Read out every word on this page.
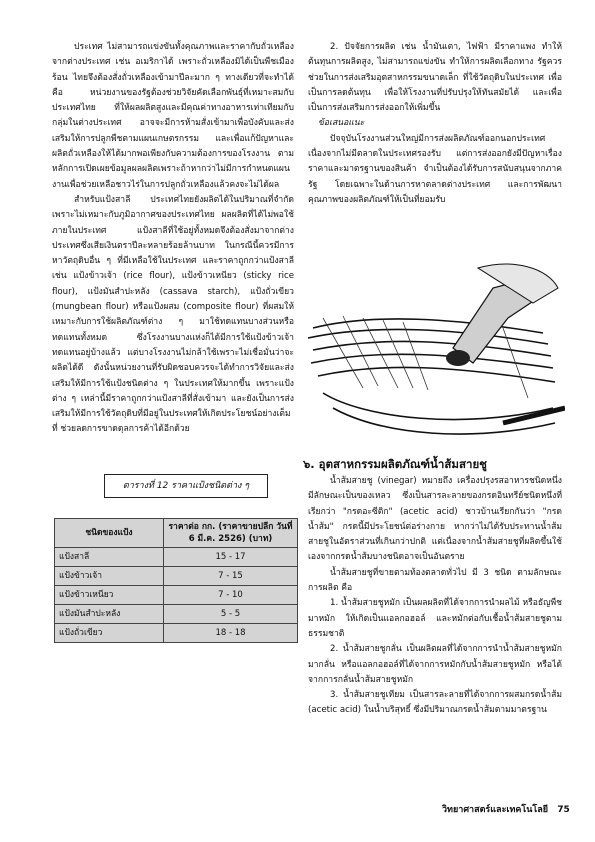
ประเทศ ไม่สามารถแข่งขันทั้งคุณภาพและราคากับถั่วเหลืองจากต่างประเทศ เช่น อเมริกาได้ เพราะถั่วเหลืองมิได้เป็นพืชเมืองร้อน ไทยจึงต้องสั่งถั่วเหลืองเข้ามาปีละมาก ๆ ทางเดียวที่จะทำได้คือ หน่วยงานของรัฐต้องช่วยวิจัยคัดเลือกพันธุ์ที่เหมาะสมกับประเทศไทย ที่ให้ผลผลิตสูงและมีคุณค่าทางอาหารเท่าเทียมกับกลุ่มในต่างประเทศ อาจจะมีการห้ามสั่งเข้ามาเพื่อบังคับและส่งเสริมให้การปลูกพืชตามแผนเกษตรกรรม และเพื่อแก้ปัญหาและผลิตถั่วเหลืองให้ได้มากพอเพียงกับความต้องการของโรงงาน ตามหลักการเปิดเผยข้อมูลผลผลิตเพราะถ้าหากว่าไม่มีการกำหนดแผนงานเพื่อช่วยเหลือชาวไร่ในการปลูกถั่วเหลืองแล้วคงจะไม่ได้ผล

สำหรับแป้งสาลี ประเทศไทยยังผลิตได้ในปริมาณที่จำกัดเพราะไม่เหมาะกับภูมิอากาศของประเทศไทย ผลผลิตที่ได้ไม่พอใช้ภายในประเทศ แป้งสาลีที่ใช้อยู่ทั้งหมดจึงต้องสั่งมาจากต่างประเทศซึ่งเสียเงินตราปีละหลายร้อยล้านบาท ในกรณีนี้ควรมีการหาวัตถุดิบอื่น ๆ ที่มีเหลือใช้ในประเทศ และราคาถูกกว่าแป้งสาลี เช่น แป้งข้าวเจ้า (rice flour), แป้งข้าวเหนียว (sticky rice flour), แป้งมันสำปะหลัง (cassava starch), แป้งถั่วเขียว (mungbean flour) หรือแป้งผสม (composite flour) ที่ผสมให้เหมาะกับการใช้ผลิตภัณฑ์ต่าง ๆ มาใช้ทดแทนบางส่วนหรือทดแทนทั้งหมด ซึ่งโรงงานบางแห่งก็ได้มีการใช้แป้งข้าวเจ้าทดแทนอยู่บ้างแล้ว แต่บางโรงงานไม่กล้าใช้เพราะไม่เชื่อมั่นว่าจะผลิตได้ดี ดังนั้นหน่วยงานที่รับผิดชอบควรจะได้ทำการวิจัยและส่งเสริมให้มีการใช้แป้งชนิดต่าง ๆ ในประเทศให้มากขึ้น เพราะแป้งต่าง ๆ เหล่านี้มีราคาถูกกว่าแป้งสาลีที่สั่งเข้ามา และยังเป็นการส่งเสริมให้มีการใช้วัตถุดิบที่มีอยู่ในประเทศให้เกิดประโยชน์อย่างเต็มที่ ช่วยลดการขาดดุลการค้าได้อีกด้วย

2. ปัจจัยการผลิต เช่น น้ำมันเตา, ไฟฟ้า มีราคาแพง ทำให้ต้นทุนการผลิตสูง, ไม่สามารถแข่งขัน ทำให้การผลิตเลือกทาง รัฐควรช่วยในการส่งเสริมอุตสาหกรรมขนาดเล็ก ที่ใช้วัตถุดิบในประเทศ เพื่อเป็นการลดต้นทุน เพื่อให้โรงงานที่ปรับปรุงให้ทันสมัยได้ และเพื่อเป็นการส่งเสริมการส่งออกให้เพิ่มขึ้น

ข้อเสนอแนะ

ปัจจุบันโรงงานส่วนใหญ่มีการส่งผลิตภัณฑ์ออกนอกประเทศ เนื่องจากไม่มีตลาดในประเทศรองรับ แต่การส่งออกยังมีปัญหาเรื่องราคาและมาตรฐานของสินค้า จำเป็นต้องได้รับการสนับสนุนจากภาครัฐ โดยเฉพาะในด้านการหาตลาดต่างประเทศ และการพัฒนาคุณภาพของผลิตภัณฑ์ให้เป็นที่ยอมรับ

ตารางที่ 12 ราคาแป้งชนิดต่าง ๆ
ชนิดของแป้ง	ราคาต่อ กก. (ราคาขายปลีก วันที่ 6 มี.ค. 2526) (บาท)
แป้งสาลี	15 - 17
แป้งข้าวเจ้า	7 - 15
แป้งข้าวเหนียว	7 - 10
แป้งมันสำปะหลัง	5 - 5
แป้งถั่วเขียว	18 - 18
๖. อุตสาหกรรมผลิตภัณฑ์น้ำส้มสายชู

น้ำส้มสายชู (vinegar) หมายถึง เครื่องปรุงรสอาหารชนิดหนึ่ง มีลักษณะเป็นของเหลว ซึ่งเป็นสารละลายของกรดอินทรีย์ชนิดหนึ่งที่เรียกว่า "กรดอะซีติก" (acetic acid) ชาวบ้านเรียกกันว่า "กรดน้ำส้ม" กรดนี้มีประโยชน์ต่อร่างกาย หากว่าไม่ได้รับประทานน้ำส้มสายชูในอัตราส่วนที่เกินกว่าปกติ แต่เนื่องจากน้ำส้มสายชูที่ผลิตขึ้นใช้เองจากกรดน้ำส้มบางชนิดอาจเป็นอันตราย

น้ำส้มสายชูที่ขายตามท้องตลาดทั่วไป มี 3 ชนิด ตามลักษณะการผลิต คือ

1. น้ำส้มสายชูหมัก เป็นผลผลิตที่ได้จากการนำผลไม้ หรือธัญพืชมาหมัก ให้เกิดเป็นแอลกอฮอล์ และหมักต่อกับเชื้อน้ำส้มสายชูตามธรรมชาติ

2. น้ำส้มสายชูกลั่น เป็นผลิตผลที่ได้จากการนำน้ำส้มสายชูหมักมากลั่น หรือแอลกอฮอล์ที่ได้จากการหมักกับน้ำส้มสายชูหมัก หรือได้จากการกลั่นน้ำส้มสายชูหมัก

3. น้ำส้มสายชูเทียม เป็นสารละลายที่ได้จากการผสมกรดน้ำส้ม (acetic acid) ในน้ำบริสุทธิ์ ซึ่งมีปริมาณกรดน้ำส้มตามมาตรฐาน

วิทยาศาสตร์และเทคโนโลยี 75
